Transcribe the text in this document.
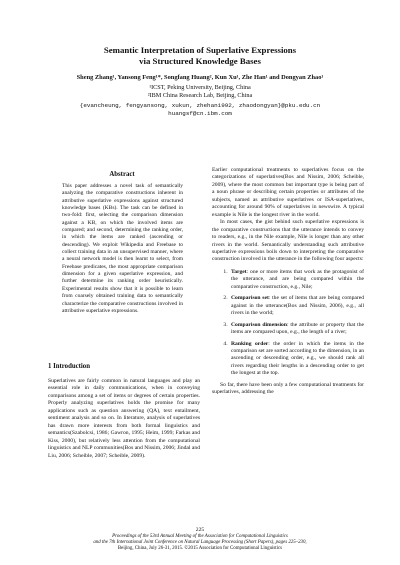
Semantic Interpretation of Superlative Expressions
via Structured Knowledge Bases
Sheng Zhang¹, Yansong Feng¹*, Songfang Huang², Kun Xu¹, Zhe Han¹ and Dongyan Zhao¹
¹ICST, Peking University, Beijing, China
²IBM China Research Lab, Beijing, China
{evancheung, fengyansong, xukun, zhehan1992, zhaodongyan}@pku.edu.cn
huangsf@cn.ibm.com
Abstract
This paper addresses a novel task of semantically analyzing the comparative constructions inherent in attributive superlative expressions against structured knowledge bases (KBs). The task can be defined in two-fold: first, selecting the comparison dimension against a KB, on which the involved items are compared; and second, determining the ranking order, in which the items are ranked (ascending or descending). We exploit Wikipedia and Freebase to collect training data in an unsupervised manner, where a neural network model is then learnt to select, from Freebase predicates, the most appropriate comparison dimension for a given superlative expression, and further determine its ranking order heuristically. Experimental results show that it is possible to learn from coarsely obtained training data to semantically characterize the comparative constructions involved in attributive superlative expressions.
1 Introduction
Superlatives are fairly common in natural languages and play an essential role in daily communications, when in conveying comparisons among a set of items or degrees of certain properties. Properly analyzing superlatives holds the promise for many applications such as question answering (QA), text entailment, sentiment analysis and so on. In literature, analysis of superlatives has drawn more interests from both formal linguistics and semantics(Szabolcsi, 1986; Gawron, 1995; Heim, 1999; Farkas and Kiss, 2000), but relatively less attention from the computational linguistics and NLP communities(Bos and Nissim, 2006; Jindal and Liu, 2006; Scheible, 2007; Scheible, 2009).

Earlier computational treatments to superlatives focus on the categorizations of superlatives(Bos and Nissim, 2006; Scheible, 2009), where the most common but important type is being part of a noun phrase or describing certain properties or attributes of the subjects, named as attributive superlatives or ISA-superlatives, accounting for around 90% of superlatives in newswire. A typical example is Nile is the longest river in the world.

In most cases, the gist behind such superlative expressions is the comparative constructions that the utterance intends to convey to readers, e.g., in the Nile example, Nile is longer than any other rivers in the world. Semantically understanding such attributive superlative expressions boils down to interpreting the comparative construction involved in the utterance in the following four aspects:

1. Target: one or more items that work as the protagonist of the utterance, and are being compared within the comparative construction, e.g., Nile;
2. Comparison set: the set of items that are being compared against in the utterance(Bos and Nissim, 2006), e.g., all rivers in the world;
3. Comparison dimension: the attribute or property that the items are compared upon, e.g., the length of a river;
4. Ranking order: the order in which the items in the comparison set are sorted according to the dimension, in an ascending or descending order, e.g., we should rank all rivers regarding their lengths in a descending order to get the longest at the top.

So far, there have been only a few computational treatments for superlatives, addressing the

225
Proceedings of the 53rd Annual Meeting of the Association for Computational Linguistics
and the 7th International Joint Conference on Natural Language Processing (Short Papers), pages 225–230,
Beijing, China, July 26-31, 2015. ©2015 Association for Computational Linguistics
